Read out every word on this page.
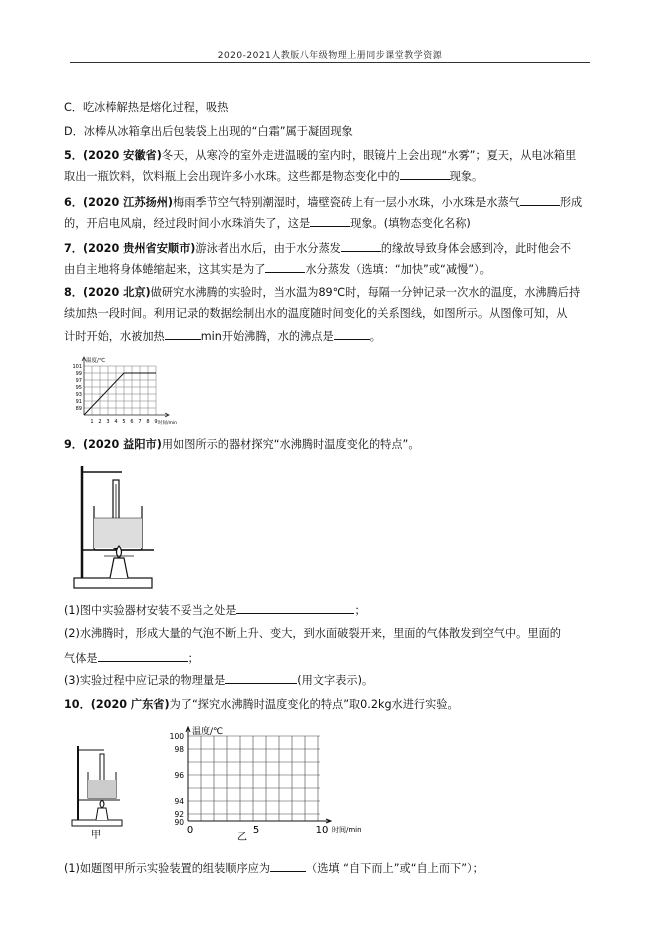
2020-2021人教版八年级物理上册同步课堂教学资源
C．吃冰棒解热是熔化过程，吸热
D．冰棒从冰箱拿出后包装袋上出现的“白霜”属于凝固现象
5．(2020 安徽省)冬天，从寒冷的室外走进温暖的室内时，眼镜片上会出现“水雾”；夏天，从电冰箱里
取出一瓶饮料，饮料瓶上会出现许多小水珠。这些都是物态变化中的	现象。
6．(2020 江苏扬州)梅雨季节空气特别潮湿时，墙壁瓷砖上有一层小水珠，小水珠是水蒸气	形成
的，开启电风扇，经过段时间小水珠消失了，这是	现象。(填物态变化名称)
7．(2020 贵州省安顺市)游泳者出水后，由于水分蒸发	的缘故导致身体会感到冷，此时他会不
由自主地将身体蜷缩起来，这其实是为了	水分蒸发（选填：“加快”或“减慢”）。
8．(2020 北京)做研究水沸腾的实验时，当水温为89℃时，每隔一分钟记录一次水的温度，水沸腾后持
续加热一段时间。利用记录的数据绘制出水的温度随时间变化的关系图线，如图所示。从图像可知，从
计时开始，水被加热	min开始沸腾，水的沸点是	。
温度/℃
时间/min
101
99
97
95
93
91
89
1 2 3 4 5 6 7 8 9
9．(2020 益阳市)用如图所示的器材探究“水沸腾时温度变化的特点”。
(1)图中实验器材安装不妥当之处是	；
(2)水沸腾时，形成大量的气泡不断上升、变大，到水面破裂开来，里面的气体散发到空气中。里面的
气体是	；
(3)实验过程中应记录的物理量是	(用文字表示)。
10．(2020 广东省)为了“探究水沸腾时温度变化的特点”取0.2kg水进行实验。
甲
温度/℃
时间/min
100
98
96
94
92
90
0	5	10
乙
(1)如题图甲所示实验装置的组装顺序应为	（选填 “自下而上”或“自上而下”）；
